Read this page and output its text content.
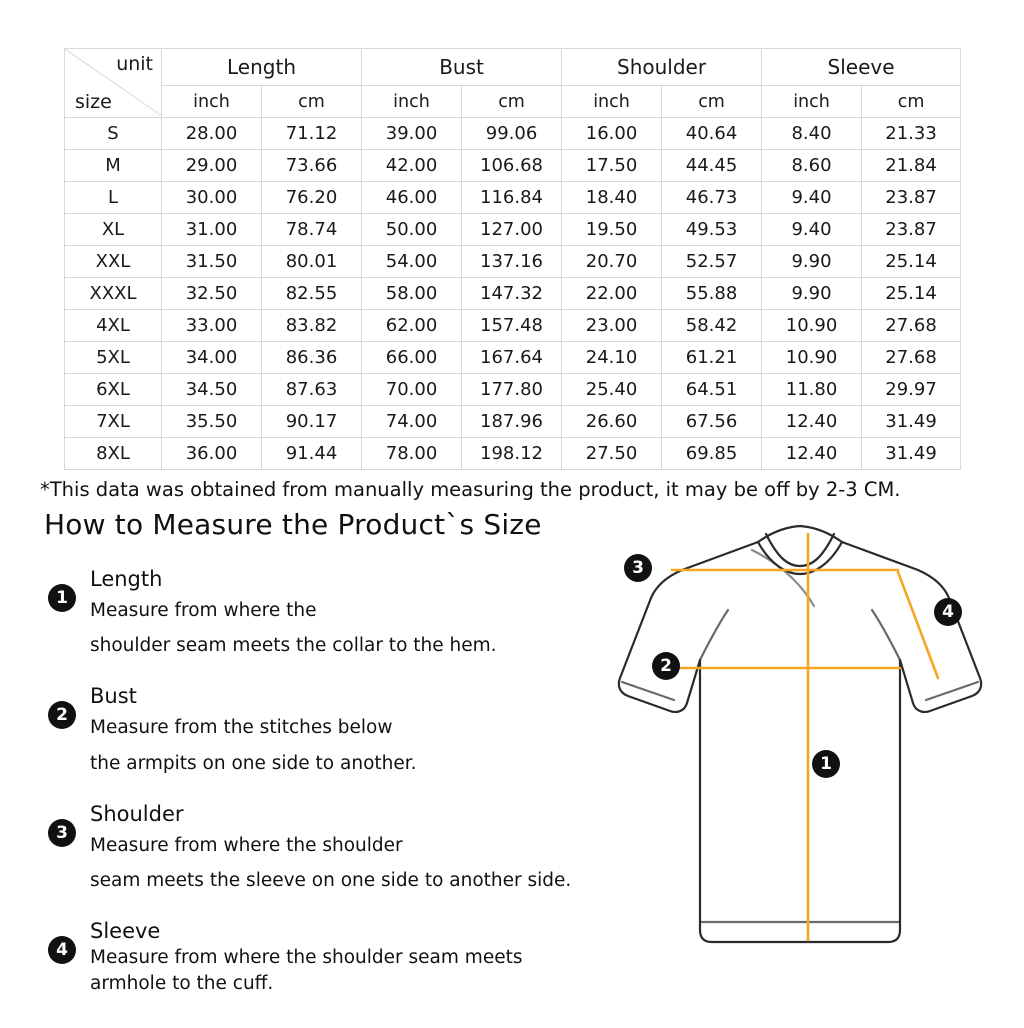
unit
size	Length		Bust		Shoulder		Sleeve	
	inch	cm	inch	cm	inch	cm	inch	cm
S	28.00	71.12	39.00	99.06	16.00	40.64	8.40	21.33
M	29.00	73.66	42.00	106.68	17.50	44.45	8.60	21.84
L	30.00	76.20	46.00	116.84	18.40	46.73	9.40	23.87
XL	31.00	78.74	50.00	127.00	19.50	49.53	9.40	23.87
XXL	31.50	80.01	54.00	137.16	20.70	52.57	9.90	25.14
XXXL	32.50	82.55	58.00	147.32	22.00	55.88	9.90	25.14
4XL	33.00	83.82	62.00	157.48	23.00	58.42	10.90	27.68
5XL	34.00	86.36	66.00	167.64	24.10	61.21	10.90	27.68
6XL	34.50	87.63	70.00	177.80	25.40	64.51	11.80	29.97
7XL	35.50	90.17	74.00	187.96	26.60	67.56	12.40	31.49
8XL	36.00	91.44	78.00	198.12	27.50	69.85	12.40	31.49
*This data was obtained from manually measuring the product, it may be off by 2-3 CM.
How to Measure the Product`s Size
1
Length
Measure from where the
shoulder seam meets the collar to the hem.
2
Bust
Measure from the stitches below
the armpits on one side to another.
3
Shoulder
Measure from where the shoulder
seam meets the sleeve on one side to another side.
4
Sleeve
Measure from where the shoulder seam meets armhole to the cuff.
3
2
4
1
